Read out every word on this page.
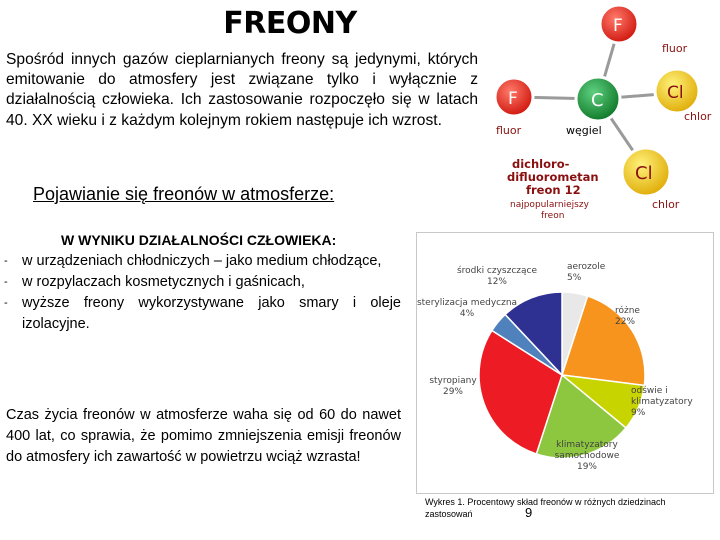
FREONY
Spośród innych gazów cieplarnianych freony są jedynymi, których emitowanie do atmosfery jest związane tylko i wyłącznie z działalnością człowieka. Ich zastosowanie rozpoczęło się w latach 40. XX wieku i z każdym kolejnym rokiem następuje ich wzrost.
Pojawianie się freonów w atmosferze:
W WYNIKU DZIAŁALNOŚCI CZŁOWIEKA:
- w urządzeniach chłodniczych – jako medium chłodzące,
- w rozpylaczach kosmetycznych i gaśnicach,
- wyższe freony wykorzystywane jako smary i oleje izolacyjne.
Czas życia freonów w atmosferze waha się od 60 do nawet 400 lat, co sprawia, że pomimo zmniejszenia emisji freonów do atmosfery ich zawartość w powietrzu wciąż wzrasta!
F
fluor
F
fluor
C
węgiel
Cl
chlor
Cl
chlor
dichloro-
difluorometan
freon 12
najpopularniejszy
freon
aerozole 5%
różne 22%
odświe i klimatyzatory 9%
klimatyzatory samochodowe 19%
styropiany 29%
sterylizacja medyczna 4%
środki czyszczące 12%
Wykres 1. Procentowy skład freonów w różnych dziedzinach zastosowań	9
